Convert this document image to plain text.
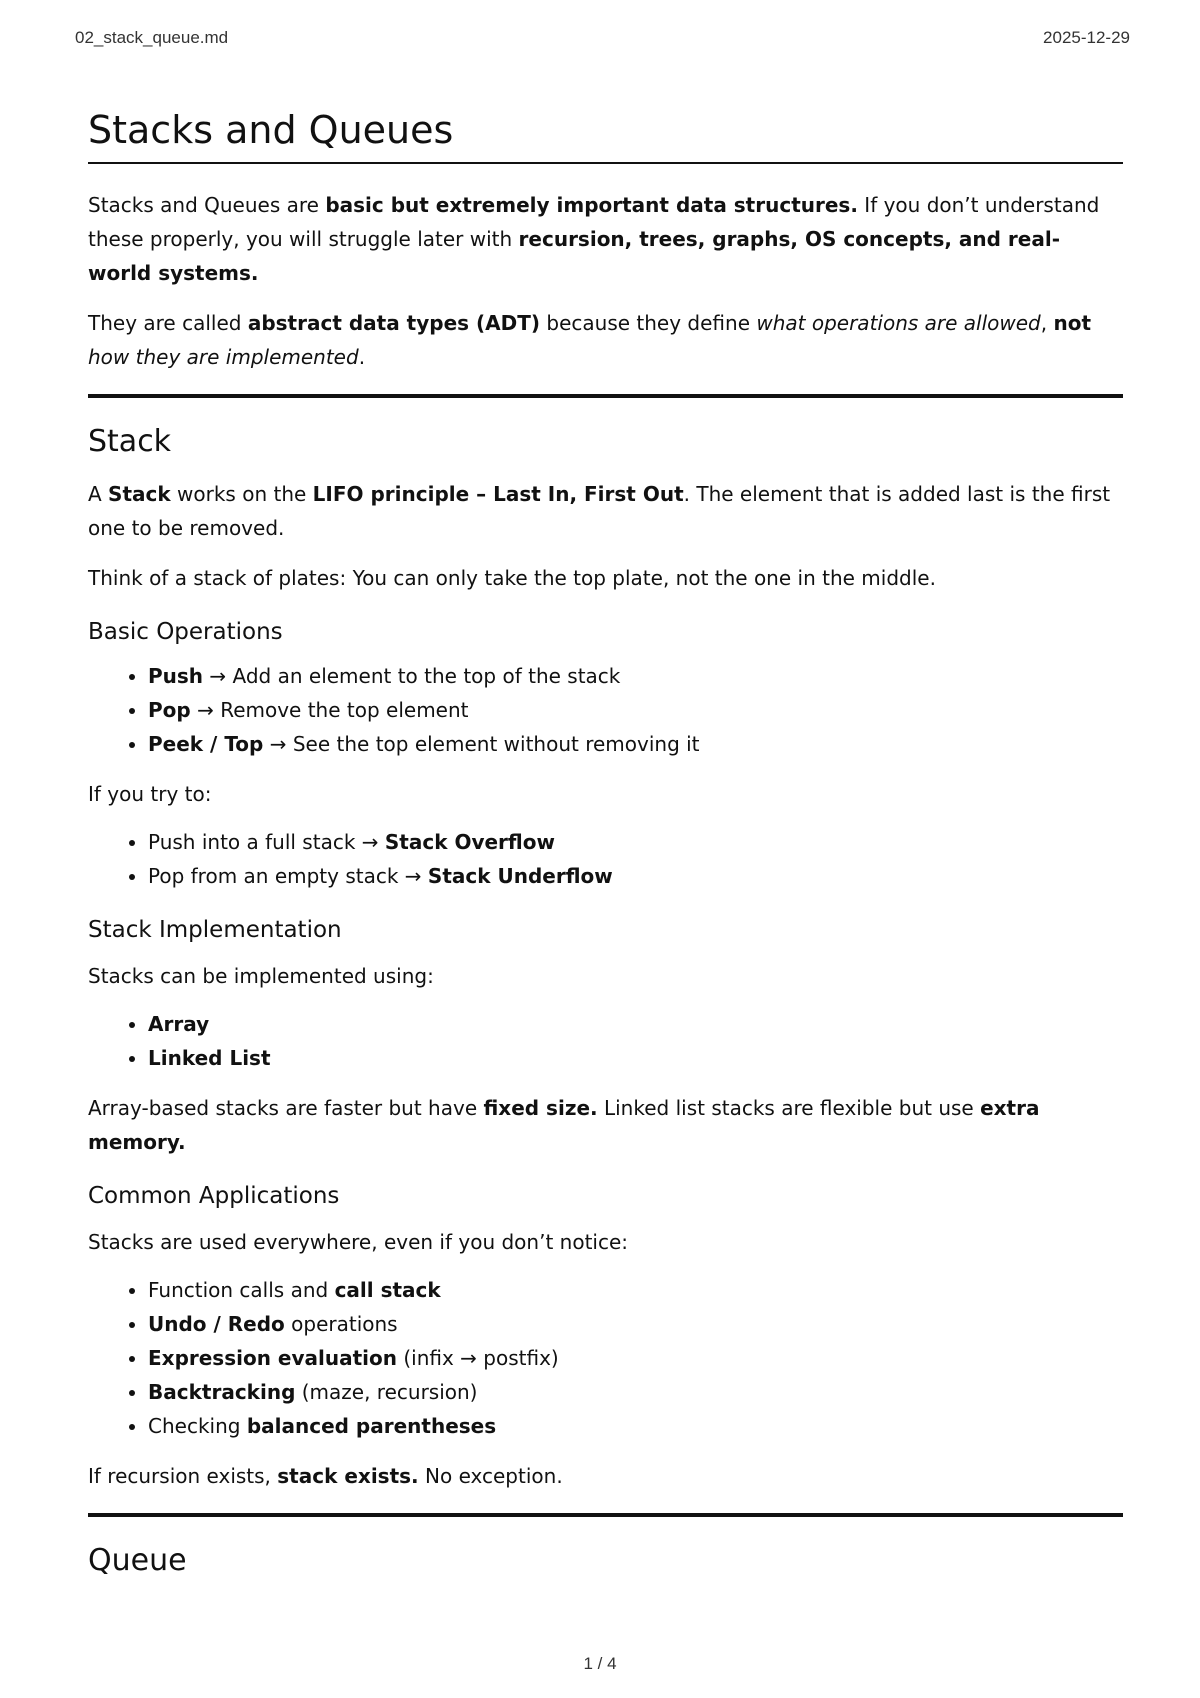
02_stack_queue.md	2025-12-29
Stacks and Queues

Stacks and Queues are basic but extremely important data structures. If you don’t understand these properly, you will struggle later with recursion, trees, graphs, OS concepts, and real-world systems.

They are called abstract data types (ADT) because they define what operations are allowed, not how they are implemented.

Stack

A Stack works on the LIFO principle – Last In, First Out. The element that is added last is the first one to be removed.

Think of a stack of plates: You can only take the top plate, not the one in the middle.

Basic Operations
• Push → Add an element to the top of the stack
• Pop → Remove the top element
• Peek / Top → See the top element without removing it

If you try to:

• Push into a full stack → Stack Overflow
• Pop from an empty stack → Stack Underflow
Stack Implementation

Stacks can be implemented using:

• Array
• Linked List

Array-based stacks are faster but have fixed size. Linked list stacks are flexible but use extra memory.

Common Applications

Stacks are used everywhere, even if you don’t notice:

• Function calls and call stack
• Undo / Redo operations
• Expression evaluation (infix → postfix)
• Backtracking (maze, recursion)
• Checking balanced parentheses

If recursion exists, stack exists. No exception.

Queue
1 / 4
